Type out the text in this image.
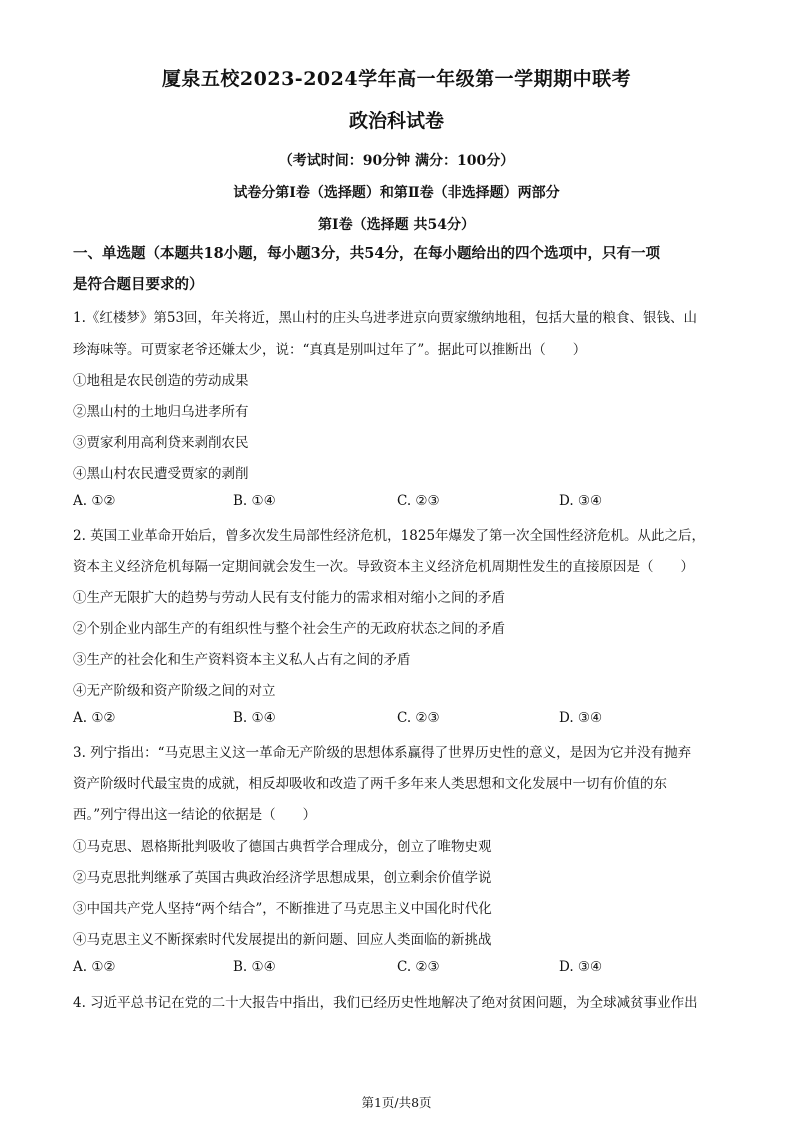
厦泉五校2023-2024学年高一年级第一学期期中联考
政治科试卷
（考试时间：90分钟 满分：100分）
试卷分第Ⅰ卷（选择题）和第Ⅱ卷（非选择题）两部分
第Ⅰ卷（选择题 共54分）
一、单选题（本题共18小题，每小题3分，共54分，在每小题给出的四个选项中，只有一项
是符合题目要求的）
1.《红楼梦》第53回，年关将近，黑山村的庄头乌进孝进京向贾家缴纳地租，包括大量的粮食、银钱、山
珍海味等。可贾家老爷还嫌太少，说：“真真是别叫过年了”。据此可以推断出（　　）
①地租是农民创造的劳动成果
②黑山村的土地归乌进孝所有
③贾家利用高利贷来剥削农民
④黑山村农民遭受贾家的剥削
A. ①②	B. ①④	C. ②③	D. ③④
2. 英国工业革命开始后，曾多次发生局部性经济危机，1825年爆发了第一次全国性经济危机。从此之后，
资本主义经济危机每隔一定期间就会发生一次。导致资本主义经济危机周期性发生的直接原因是（　　）
①生产无限扩大的趋势与劳动人民有支付能力的需求相对缩小之间的矛盾
②个别企业内部生产的有组织性与整个社会生产的无政府状态之间的矛盾
③生产的社会化和生产资料资本主义私人占有之间的矛盾
④无产阶级和资产阶级之间的对立
A. ①②	B. ①④	C. ②③	D. ③④
3. 列宁指出：“马克思主义这一革命无产阶级的思想体系赢得了世界历史性的意义，是因为它并没有抛弃
资产阶级时代最宝贵的成就，相反却吸收和改造了两千多年来人类思想和文化发展中一切有价值的东
西。”列宁得出这一结论的依据是（　　）
①马克思、恩格斯批判吸收了德国古典哲学合理成分，创立了唯物史观
②马克思批判继承了英国古典政治经济学思想成果，创立剩余价值学说
③中国共产党人坚持“两个结合”，不断推进了马克思主义中国化时代化
④马克思主义不断探索时代发展提出的新问题、回应人类面临的新挑战
A. ①②	B. ①④	C. ②③	D. ③④
4. 习近平总书记在党的二十大报告中指出，我们已经历史性地解决了绝对贫困问题，为全球减贫事业作出
第1页/共8页
